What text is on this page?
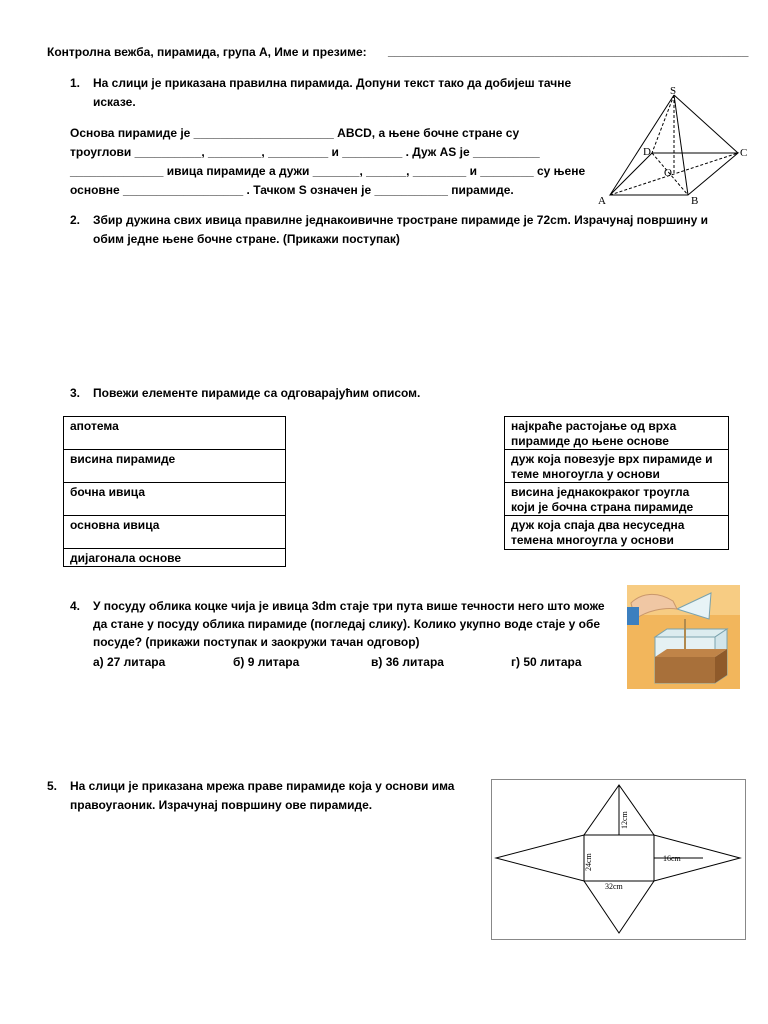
Контролна вежба, пирамида, група А, Име и презиме: ______________________________________________________
1. На слици је приказана правилна пирамида. Допуни текст тако да добијеш тачне
исказе.
Основа пирамиде је _____________________ ABCD, а њене бочне стране су
троуглови __________, ________, _________ и _________ . Дуж AS је __________
______________ ивица пирамиде а дужи _______, ______, ________ и ________ су њене
основне __________________ . Тачком S означен је ___________ пирамиде.
S
A	B
C
D
O
2. Збир дужина свих ивица правилне једнакоивичне тростране пирамиде је 72cm. Израчунај површину и
обим једне њене бочне стране. (Прикажи поступак)
3. Повежи елементе пирамиде са одговарајућим описом.
апотема
висина пирамиде
бочна ивица
основна ивица
дијагонала основе
најкраће растојање од врха
пирамиде до њене основе
дуж која повезује врх пирамиде и
теме многоугла у основи
висина једнакокраког троугла
који је бочна страна пирамиде
дуж која спаја два несуседна
темена многоугла у основи
4. У посуду облика коцке чија је ивица 3dm стаје три пута више течности него што може
да стане у посуду облика пирамиде (погледај слику). Колико укупно воде стаје у обе
посуде? (прикажи поступак и заокружи тачан одговор)
а) 27 литара	б) 9 литара	в) 36 литара	г) 50 литара
5. На слици је приказана мрежа праве пирамиде која у основи има
правоугаоник. Израчунај површину ове пирамиде.
12cm
24cm	16cm
32cm
